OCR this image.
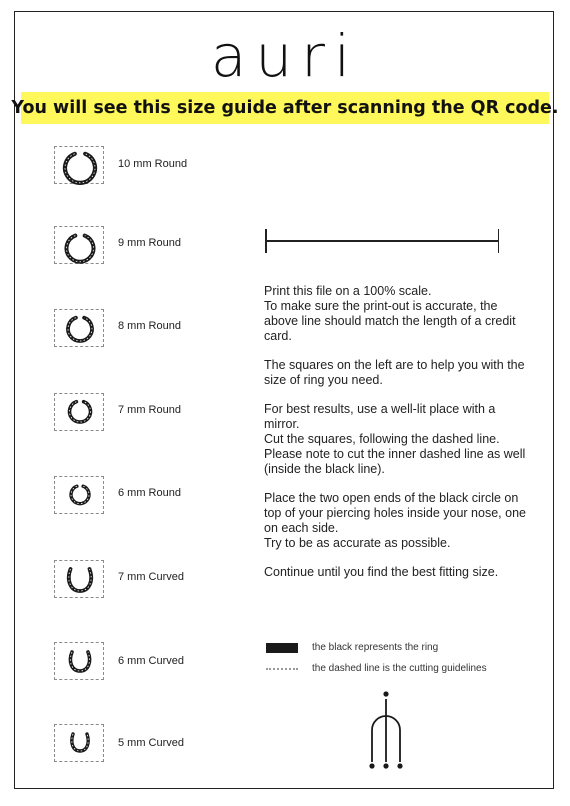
auri
You will see this size guide after scanning the QR code.
10 mm Round
9 mm Round
8 mm Round
7 mm Round
6 mm Round
7 mm Curved
6 mm Curved
5 mm Curved

Print this file on a 100% scale.
To make sure the print-out is accurate, the above line should match the length of a credit card.

The squares on the left are to help you with the size of ring you need.

For best results, use a well-lit place with a mirror.
Cut the squares, following the dashed line.
Please note to cut the inner dashed line as well (inside the black line).

Place the two open ends of the black circle on top of your piercing holes inside your nose, one on each side.
Try to be as accurate as possible.

Continue until you find the best fitting size.

the black represents the ring
the dashed line is the cutting guidelines
